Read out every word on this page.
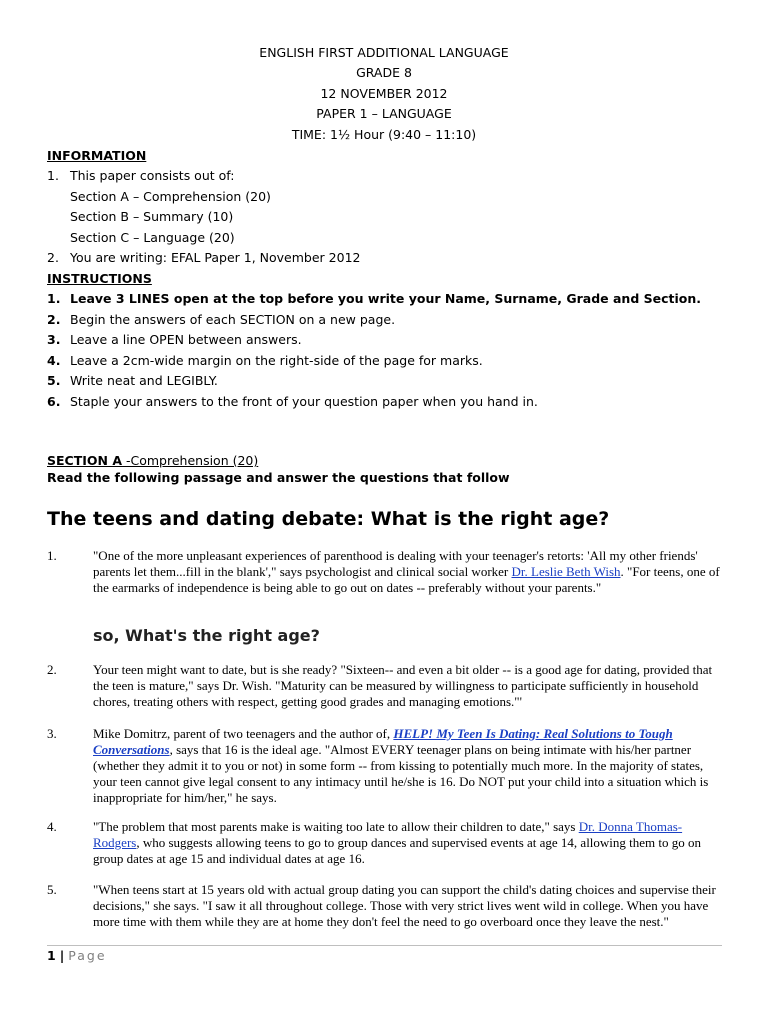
ENGLISH FIRST ADDITIONAL LANGUAGE
GRADE 8
12 NOVEMBER 2012
PAPER 1 – LANGUAGE
TIME: 1½ Hour (9:40 – 11:10)
INFORMATION
1. This paper consists out of:
Section A – Comprehension (20)
Section B – Summary (10)
Section C – Language (20)
2. You are writing: EFAL Paper 1, November 2012
INSTRUCTIONS
1. Leave 3 LINES open at the top before you write your Name, Surname, Grade and Section.
2. Begin the answers of each SECTION on a new page.
3. Leave a line OPEN between answers.
4. Leave a 2cm-wide margin on the right-side of the page for marks.
5. Write neat and LEGIBLY.
6. Staple your answers to the front of your question paper when you hand in.
SECTION A -Comprehension (20)
Read the following passage and answer the questions that follow
The teens and dating debate: What is the right age?
1.	"One of the more unpleasant experiences of parenthood is dealing with your teenager's retorts: 'All my other friends' parents let them...fill in the blank'," says psychologist and clinical social worker Dr. Leslie Beth Wish. "For teens, one of the earmarks of independence is being able to go out on dates -- preferably without your parents."
so, What's the right age?
2.	Your teen might want to date, but is she ready? "Sixteen-- and even a bit older -- is a good age for dating, provided that the teen is mature," says Dr. Wish. "Maturity can be measured by willingness to participate sufficiently in household chores, treating others with respect, getting good grades and managing emotions."'
3.	Mike Domitrz, parent of two teenagers and the author of, HELP! My Teen Is Dating: Real Solutions to Tough Conversations, says that 16 is the ideal age. "Almost EVERY teenager plans on being intimate with his/her partner (whether they admit it to you or not) in some form -- from kissing to potentially much more. In the majority of states, your teen cannot give legal consent to any intimacy until he/she is 16. Do NOT put your child into a situation which is inappropriate for him/her," he says.
4.	"The problem that most parents make is waiting too late to allow their children to date," says Dr. Donna Thomas-Rodgers, who suggests allowing teens to go to group dances and supervised events at age 14, allowing them to go on group dates at age 15 and individual dates at age 16.
5.	"When teens start at 15 years old with actual group dating you can support the child's dating choices and supervise their decisions," she says. "I saw it all throughout college. Those with very strict lives went wild in college. When you have more time with them while they are at home they don't feel the need to go overboard once they leave the nest."
1 | Page
